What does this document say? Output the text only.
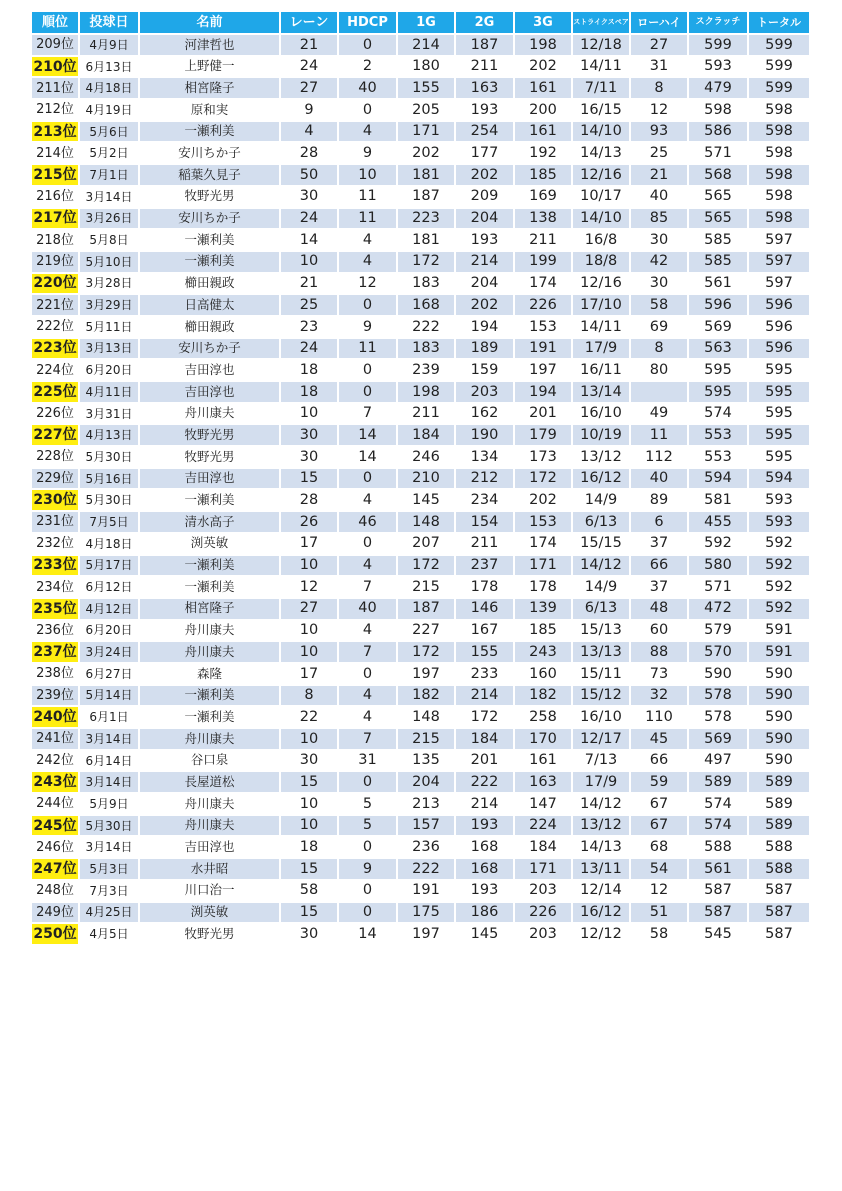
順位	投球日	名前	レーン	HDCP	1G	2G	3G	ストライクスペア	ローハイ	スクラッチ	トータル
209位	4月9日	河津哲也	21	0	214	187	198	12/18	27	599	599
210位	6月13日	上野健一	24	2	180	211	202	14/11	31	593	599
211位	4月18日	相宮隆子	27	40	155	163	161	7/11	8	479	599
212位	4月19日	原和実	9	0	205	193	200	16/15	12	598	598
213位	5月6日	一瀬利美	4	4	171	254	161	14/10	93	586	598
214位	5月2日	安川ちか子	28	9	202	177	192	14/13	25	571	598
215位	7月1日	稲葉久見子	50	10	181	202	185	12/16	21	568	598
216位	3月14日	牧野光男	30	11	187	209	169	10/17	40	565	598
217位	3月26日	安川ちか子	24	11	223	204	138	14/10	85	565	598
218位	5月8日	一瀬利美	14	4	181	193	211	16/8	30	585	597
219位	5月10日	一瀬利美	10	4	172	214	199	18/8	42	585	597
220位	3月28日	櫛田親政	21	12	183	204	174	12/16	30	561	597
221位	3月29日	日高健太	25	0	168	202	226	17/10	58	596	596
222位	5月11日	櫛田親政	23	9	222	194	153	14/11	69	569	596
223位	3月13日	安川ちか子	24	11	183	189	191	17/9	8	563	596
224位	6月20日	吉田淳也	18	0	239	159	197	16/11	80	595	595
225位	4月11日	吉田淳也	18	0	198	203	194	13/14		595	595
226位	3月31日	舟川康夫	10	7	211	162	201	16/10	49	574	595
227位	4月13日	牧野光男	30	14	184	190	179	10/19	11	553	595
228位	5月30日	牧野光男	30	14	246	134	173	13/12	112	553	595
229位	5月16日	吉田淳也	15	0	210	212	172	16/12	40	594	594
230位	5月30日	一瀬利美	28	4	145	234	202	14/9	89	581	593
231位	7月5日	清水高子	26	46	148	154	153	6/13	6	455	593
232位	4月18日	渕英敏	17	0	207	211	174	15/15	37	592	592
233位	5月17日	一瀬利美	10	4	172	237	171	14/12	66	580	592
234位	6月12日	一瀬利美	12	7	215	178	178	14/9	37	571	592
235位	4月12日	相宮隆子	27	40	187	146	139	6/13	48	472	592
236位	6月20日	舟川康夫	10	4	227	167	185	15/13	60	579	591
237位	3月24日	舟川康夫	10	7	172	155	243	13/13	88	570	591
238位	6月27日	森隆	17	0	197	233	160	15/11	73	590	590
239位	5月14日	一瀬利美	8	4	182	214	182	15/12	32	578	590
240位	6月1日	一瀬利美	22	4	148	172	258	16/10	110	578	590
241位	3月14日	舟川康夫	10	7	215	184	170	12/17	45	569	590
242位	6月14日	谷口泉	30	31	135	201	161	7/13	66	497	590
243位	3月14日	長屋道松	15	0	204	222	163	17/9	59	589	589
244位	5月9日	舟川康夫	10	5	213	214	147	14/12	67	574	589
245位	5月30日	舟川康夫	10	5	157	193	224	13/12	67	574	589
246位	3月14日	吉田淳也	18	0	236	168	184	14/13	68	588	588
247位	5月3日	水井昭	15	9	222	168	171	13/11	54	561	588
248位	7月3日	川口治一	58	0	191	193	203	12/14	12	587	587
249位	4月25日	渕英敏	15	0	175	186	226	16/12	51	587	587
250位	4月5日	牧野光男	30	14	197	145	203	12/12	58	545	587
